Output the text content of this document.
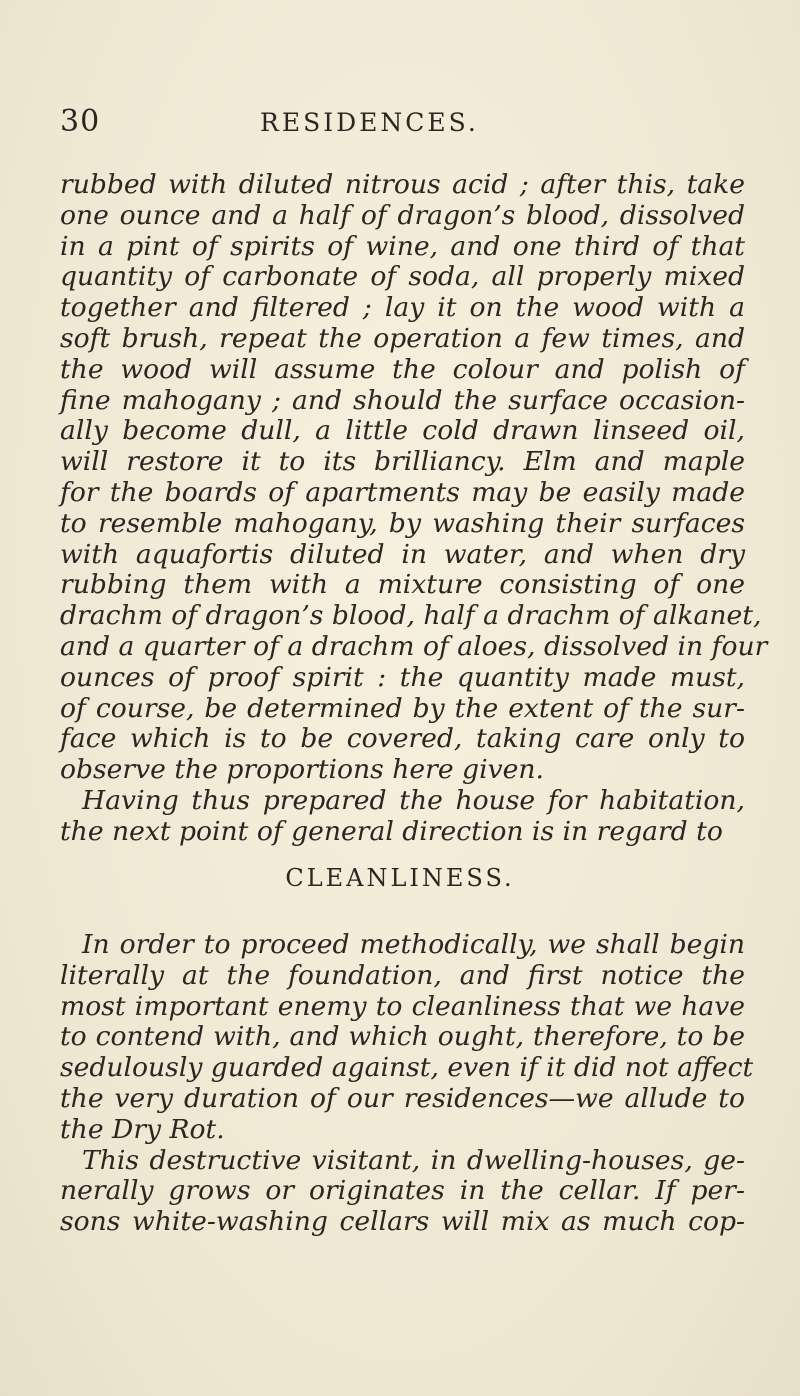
30	RESIDENCES.
rubbed with diluted nitrous acid ; after this, take
one ounce and a half of dragon’s blood, dissolved
in a pint of spirits of wine, and one third of that
quantity of carbonate of soda, all properly mixed
together and filtered ; lay it on the wood with a
soft brush, repeat the operation a few times, and
the wood will assume the colour and polish of
fine mahogany ; and should the surface occasion-
ally become dull, a little cold drawn linseed oil,
will restore it to its brilliancy. Elm and maple
for the boards of apartments may be easily made
to resemble mahogany, by washing their surfaces
with aquafortis diluted in water, and when dry
rubbing them with a mixture consisting of one
drachm of dragon’s blood, half a drachm of alkanet,
and a quarter of a drachm of aloes, dissolved in four
ounces of proof spirit : the quantity made must,
of course, be determined by the extent of the sur-
face which is to be covered, taking care only to
observe the proportions here given.
Having thus prepared the house for habitation,
the next point of general direction is in regard to
CLEANLINESS.
In order to proceed methodically, we shall begin
literally at the foundation, and first notice the
most important enemy to cleanliness that we have
to contend with, and which ought, therefore, to be
sedulously guarded against, even if it did not affect
the very duration of our residences—we allude to
the Dry Rot.
This destructive visitant, in dwelling-houses, ge-
nerally grows or originates in the cellar. If per-
sons white-washing cellars will mix as much cop-
